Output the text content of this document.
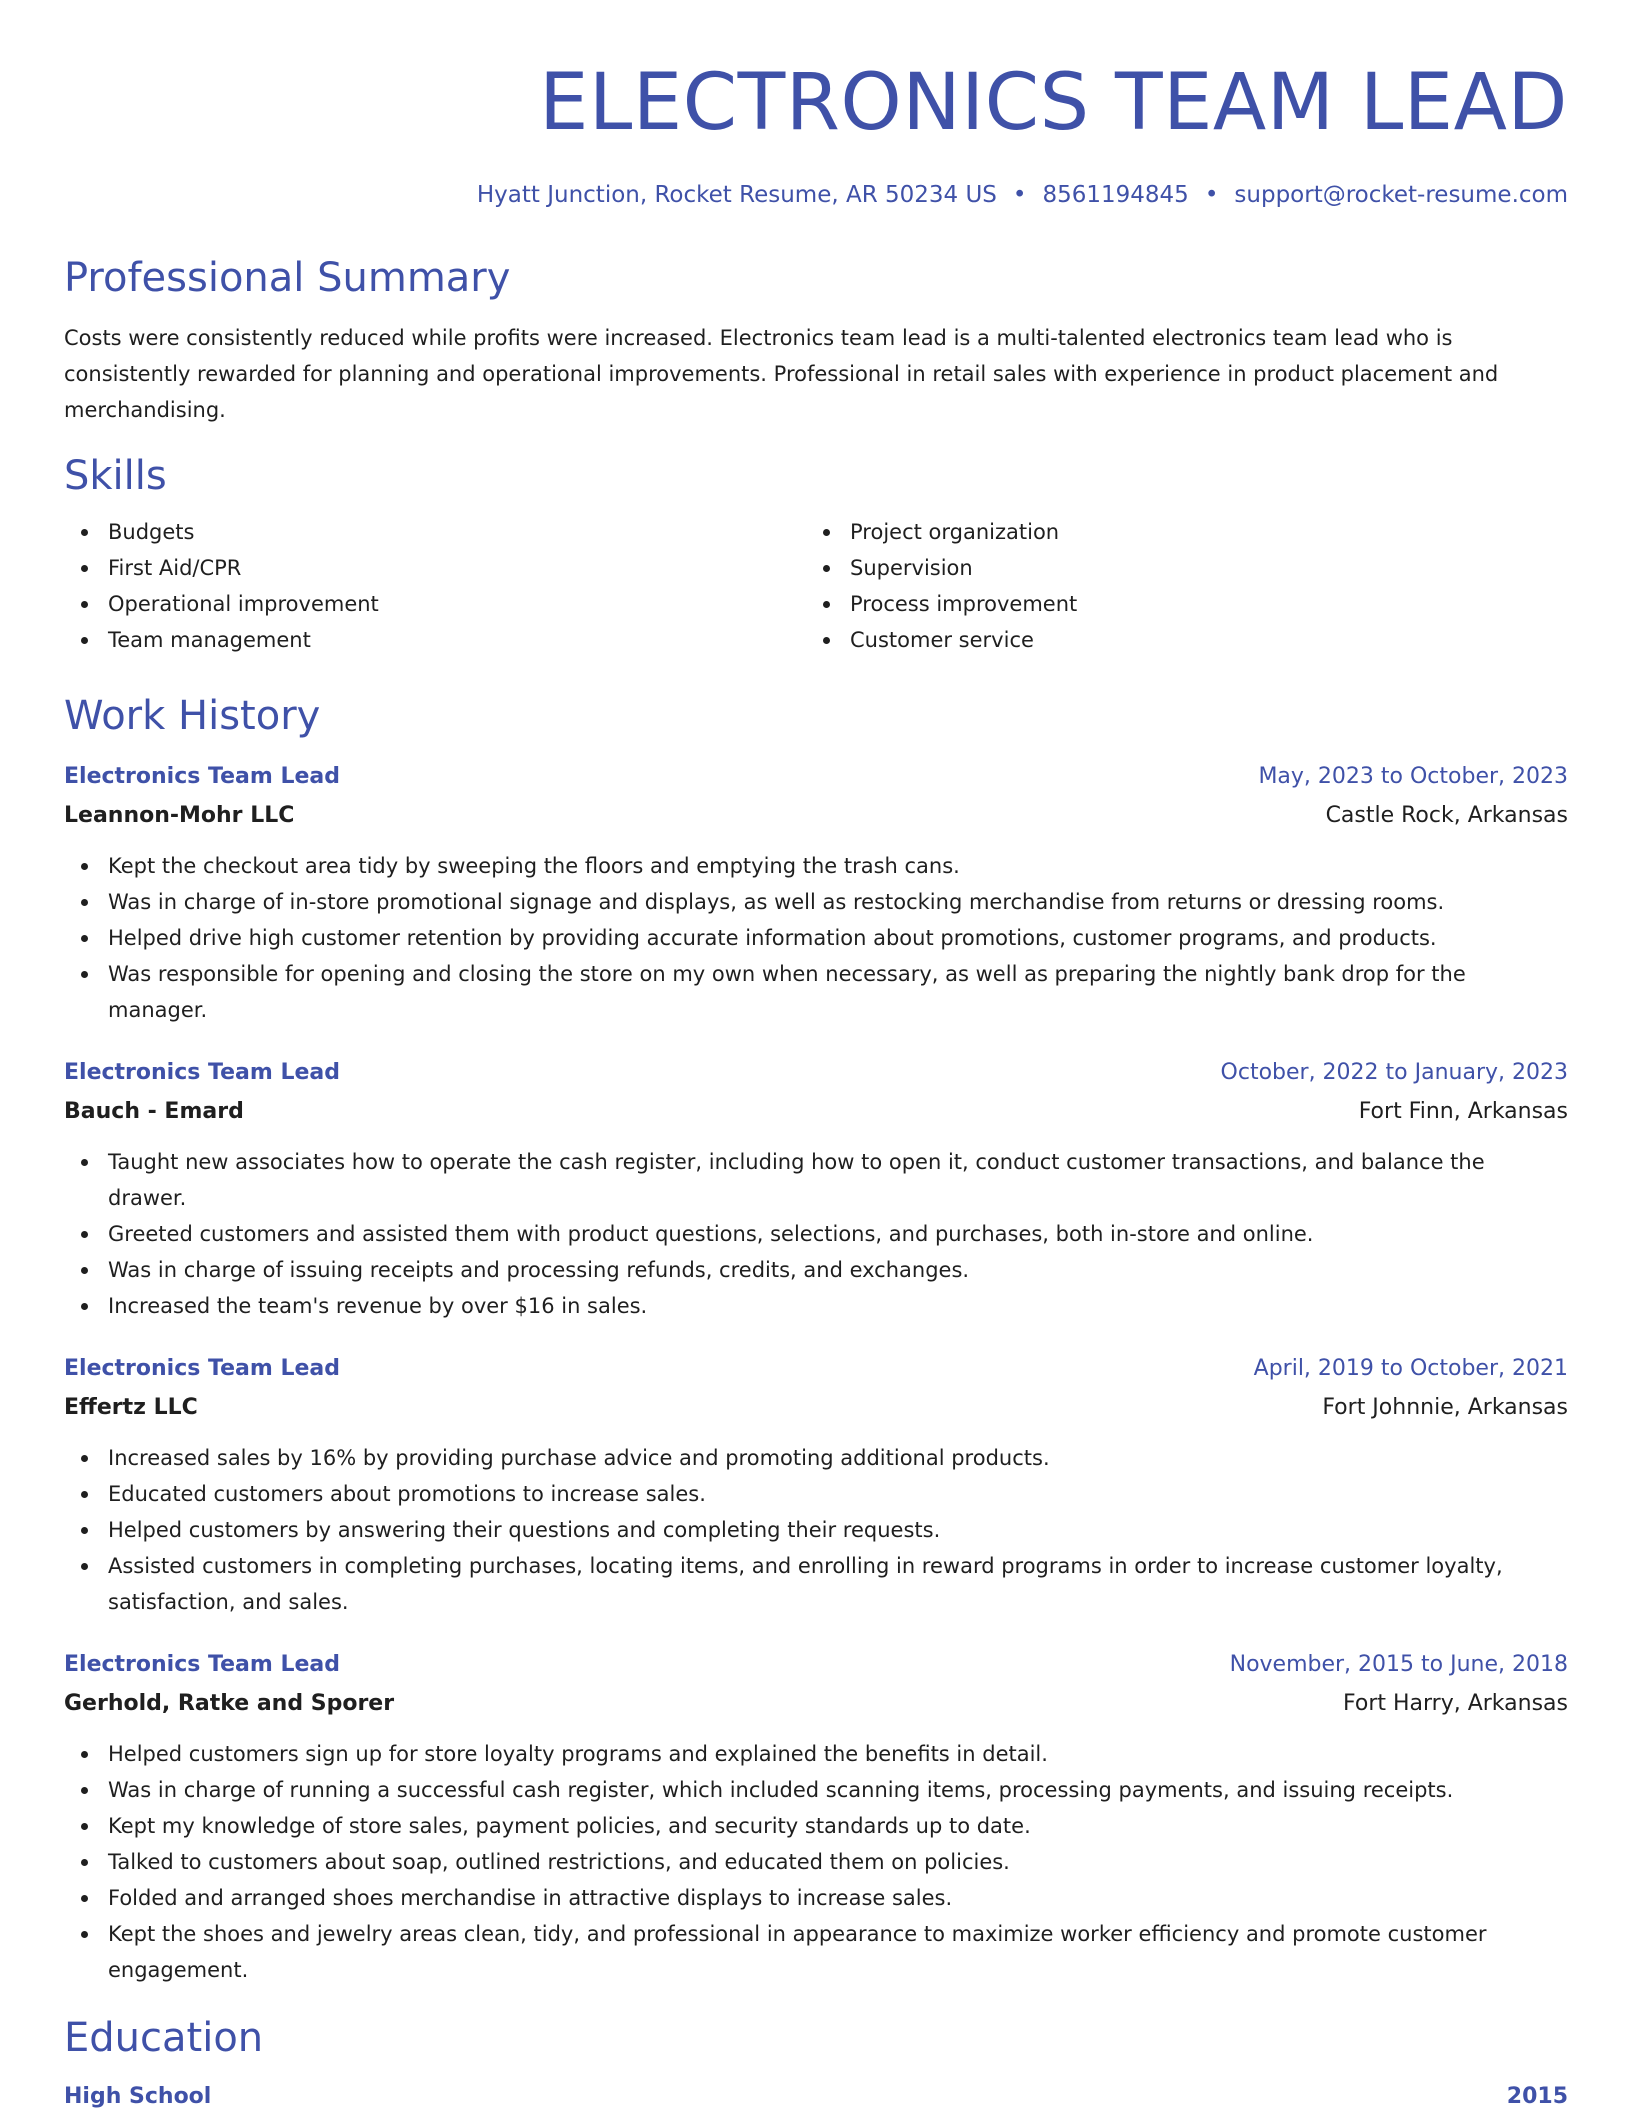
ELECTRONICS TEAM LEAD
Hyatt Junction, Rocket Resume, AR 50234 US • 8561194845 • support@rocket-resume.com
Professional Summary
Costs were consistently reduced while profits were increased. Electronics team lead is a multi-talented electronics team lead who is consistently rewarded for planning and operational improvements. Professional in retail sales with experience in product placement and merchandising.
Skills
Budgets
First Aid/CPR
Operational improvement
Team management
Project organization
Supervision
Process improvement
Customer service
Work History
Electronics Team Lead	May, 2023 to October, 2023
Leannon-Mohr LLC	Castle Rock, Arkansas
Kept the checkout area tidy by sweeping the floors and emptying the trash cans.
Was in charge of in-store promotional signage and displays, as well as restocking merchandise from returns or dressing rooms.
Helped drive high customer retention by providing accurate information about promotions, customer programs, and products.
Was responsible for opening and closing the store on my own when necessary, as well as preparing the nightly bank drop for the manager.
Electronics Team Lead	October, 2022 to January, 2023
Bauch - Emard	Fort Finn, Arkansas
Taught new associates how to operate the cash register, including how to open it, conduct customer transactions, and balance the drawer.
Greeted customers and assisted them with product questions, selections, and purchases, both in-store and online.
Was in charge of issuing receipts and processing refunds, credits, and exchanges.
Increased the team's revenue by over $16 in sales.
Electronics Team Lead	April, 2019 to October, 2021
Effertz LLC	Fort Johnnie, Arkansas
Increased sales by 16% by providing purchase advice and promoting additional products.
Educated customers about promotions to increase sales.
Helped customers by answering their questions and completing their requests.
Assisted customers in completing purchases, locating items, and enrolling in reward programs in order to increase customer loyalty, satisfaction, and sales.
Electronics Team Lead	November, 2015 to June, 2018
Gerhold, Ratke and Sporer	Fort Harry, Arkansas
Helped customers sign up for store loyalty programs and explained the benefits in detail.
Was in charge of running a successful cash register, which included scanning items, processing payments, and issuing receipts.
Kept my knowledge of store sales, payment policies, and security standards up to date.
Talked to customers about soap, outlined restrictions, and educated them on policies.
Folded and arranged shoes merchandise in attractive displays to increase sales.
Kept the shoes and jewelry areas clean, tidy, and professional in appearance to maximize worker efficiency and promote customer engagement.
Education
High School	2015
